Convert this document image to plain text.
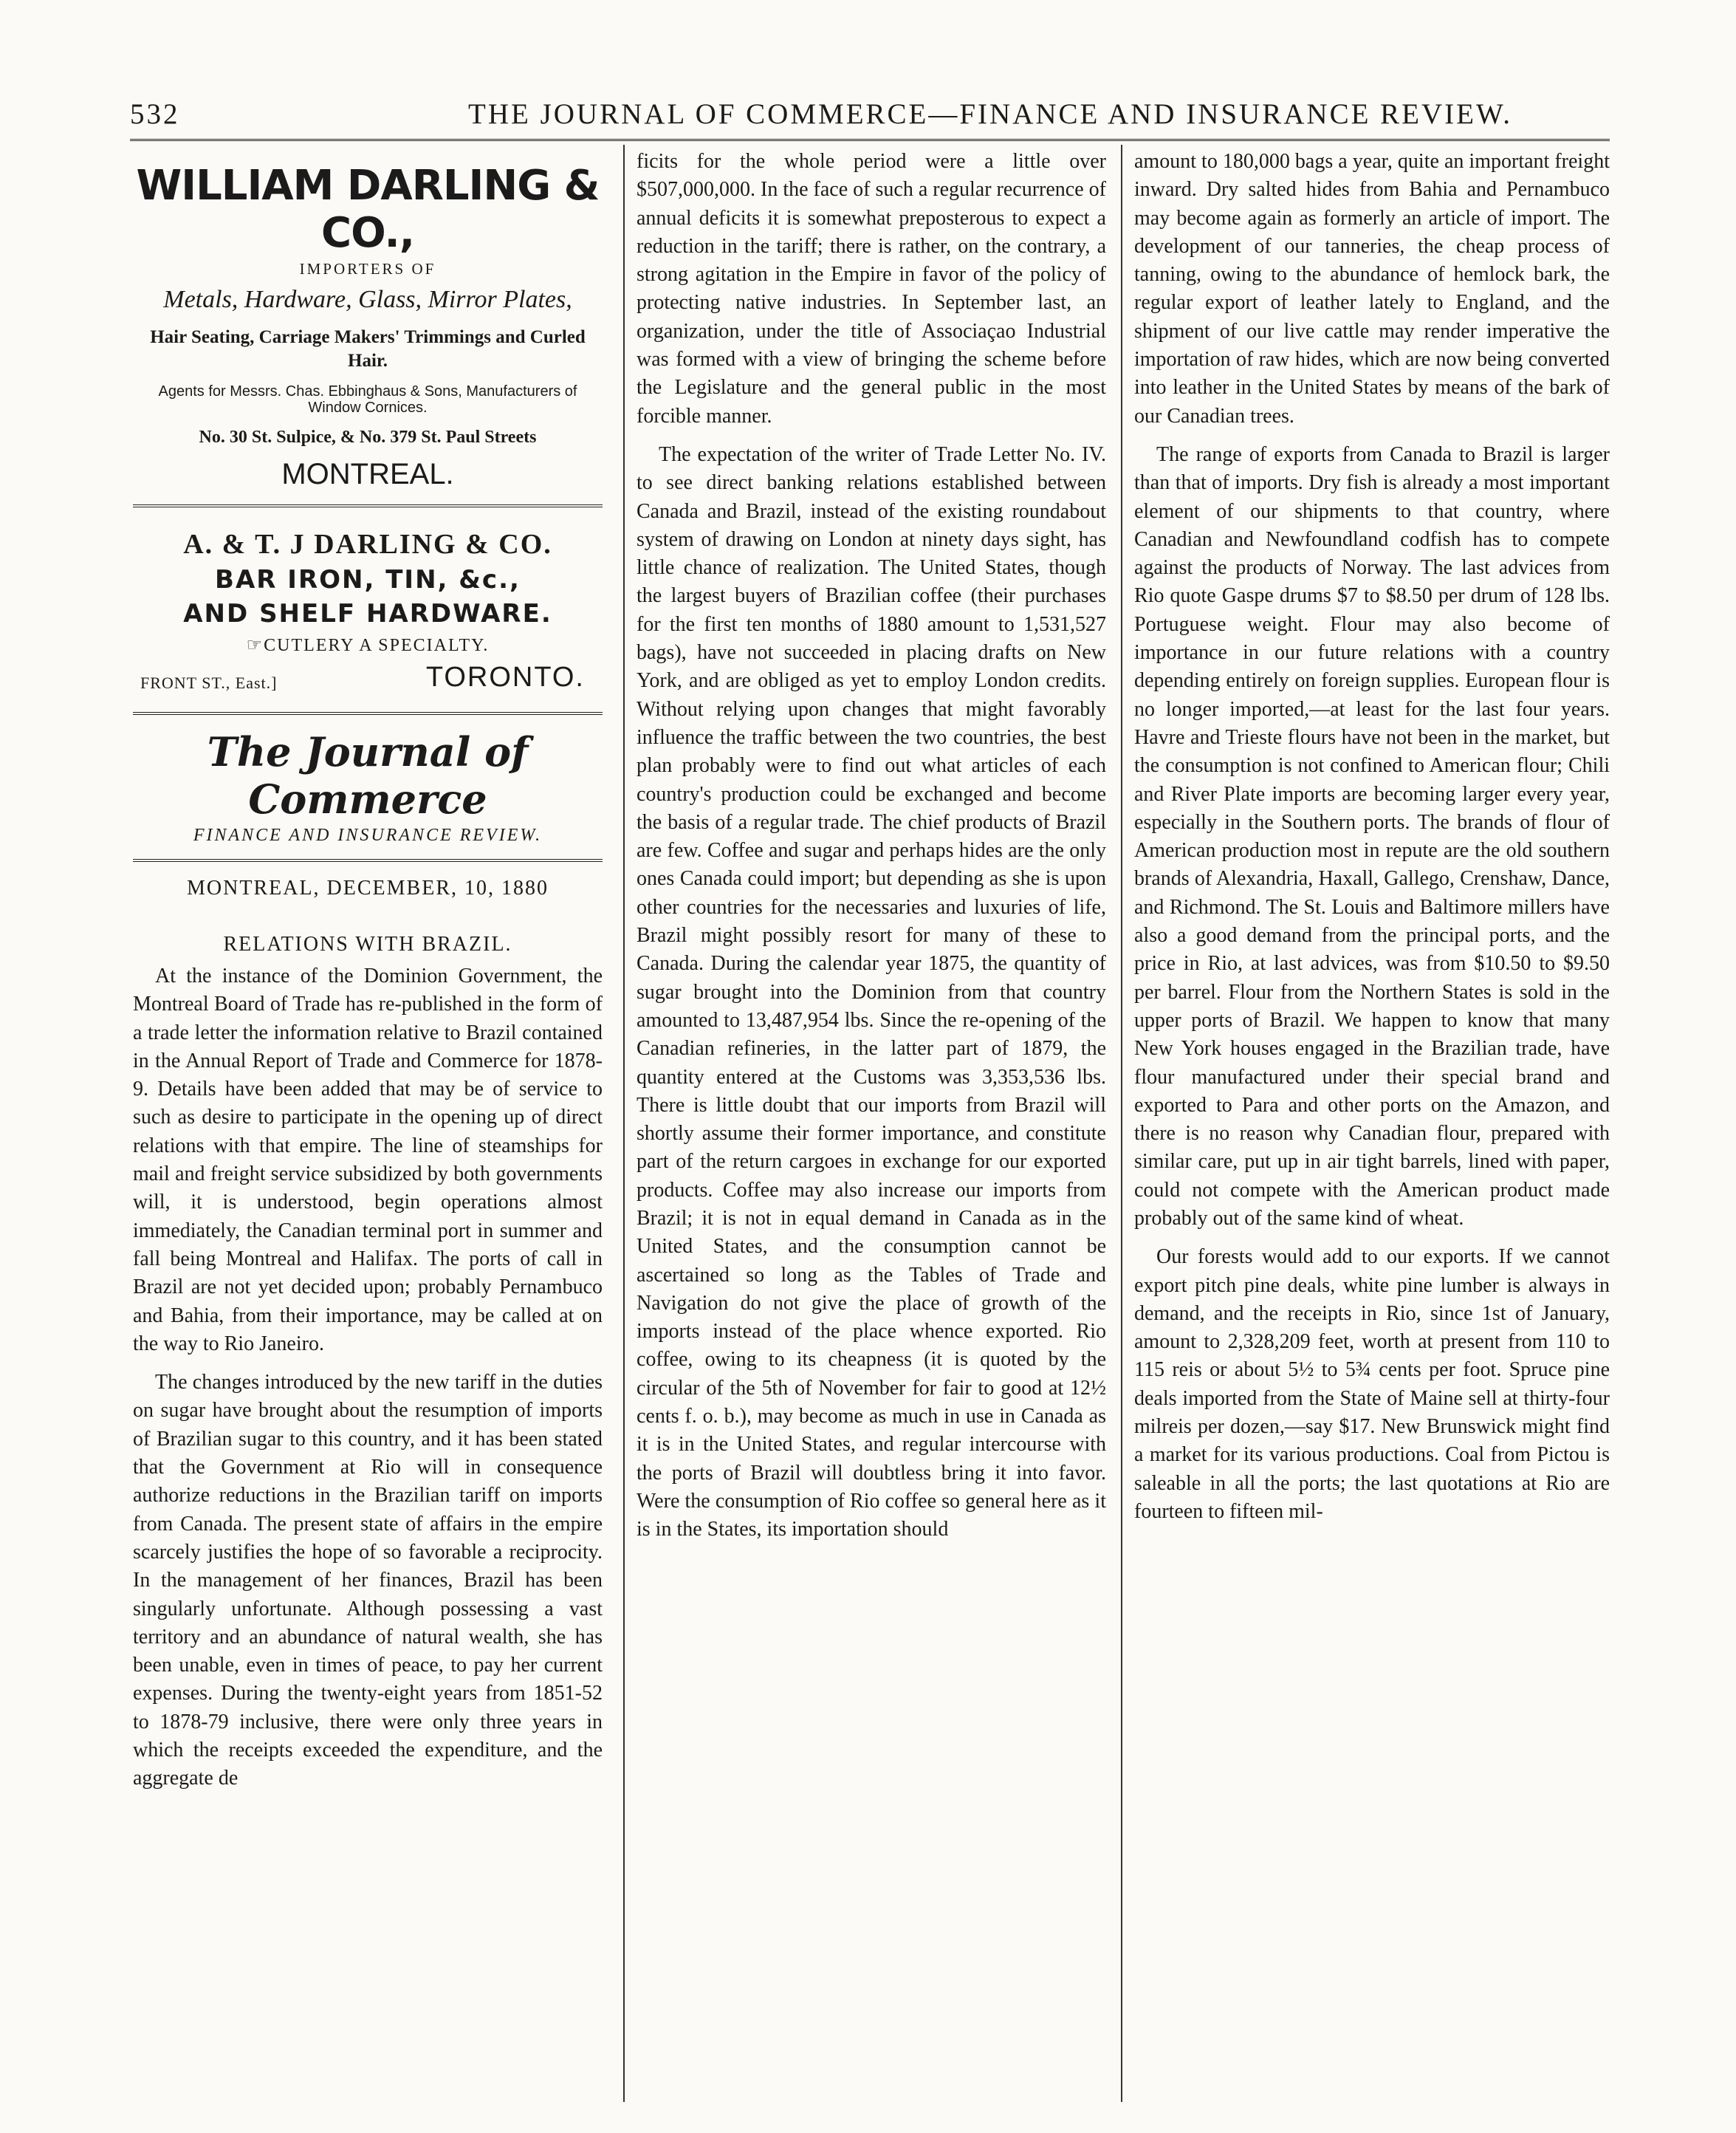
532	THE JOURNAL OF COMMERCE—FINANCE AND INSURANCE REVIEW.
WILLIAM DARLING & CO.,
IMPORTERS OF
Metals, Hardware, Glass, Mirror Plates,
Hair Seating, Carriage Makers' Trimmings and Curled Hair.
Agents for Messrs. Chas. Ebbinghaus & Sons, Manufacturers of Window Cornices.
No. 30 St. Sulpice, & No. 379 St. Paul Streets
MONTREAL.
A. & T. J DARLING & CO.
BAR IRON, TIN, &c.,
AND SHELF HARDWARE.
☞CUTLERY A SPECIALTY.
FRONT ST., East.]	TORONTO.
The Journal of Commerce
FINANCE AND INSURANCE REVIEW.
MONTREAL, DECEMBER, 10, 1880
RELATIONS WITH BRAZIL.

At the instance of the Dominion Government, the Montreal Board of Trade has re-published in the form of a trade letter the information relative to Brazil contained in the Annual Report of Trade and Commerce for 1878-9. Details have been added that may be of service to such as desire to participate in the opening up of direct relations with that empire. The line of steamships for mail and freight service subsidized by both governments will, it is understood, begin operations almost immediately, the Canadian terminal port in summer and fall being Montreal and Halifax. The ports of call in Brazil are not yet decided upon; probably Pernambuco and Bahia, from their importance, may be called at on the way to Rio Janeiro.

The changes introduced by the new tariff in the duties on sugar have brought about the resumption of imports of Brazilian sugar to this country, and it has been stated that the Government at Rio will in consequence authorize reductions in the Brazilian tariff on imports from Canada. The present state of affairs in the empire scarcely justifies the hope of so favorable a reciprocity. In the management of her finances, Brazil has been singularly unfortunate. Although possessing a vast territory and an abundance of natural wealth, she has been unable, even in times of peace, to pay her current expenses. During the twenty-eight years from 1851-52 to 1878-79 inclusive, there were only three years in which the receipts exceeded the expenditure, and the aggregate de

ficits for the whole period were a little over $507,000,000. In the face of such a regular recurrence of annual deficits it is somewhat preposterous to expect a reduction in the tariff; there is rather, on the contrary, a strong agitation in the Empire in favor of the policy of protecting native industries. In September last, an organization, under the title of Associaçao Industrial was formed with a view of bringing the scheme before the Legislature and the general public in the most forcible manner.

The expectation of the writer of Trade Letter No. IV. to see direct banking relations established between Canada and Brazil, instead of the existing roundabout system of drawing on London at ninety days sight, has little chance of realization. The United States, though the largest buyers of Brazilian coffee (their purchases for the first ten months of 1880 amount to 1,531,527 bags), have not succeeded in placing drafts on New York, and are obliged as yet to employ London credits. Without relying upon changes that might favorably influence the traffic between the two countries, the best plan probably were to find out what articles of each country's production could be exchanged and become the basis of a regular trade. The chief products of Brazil are few. Coffee and sugar and perhaps hides are the only ones Canada could import; but depending as she is upon other countries for the necessaries and luxuries of life, Brazil might possibly resort for many of these to Canada. During the calendar year 1875, the quantity of sugar brought into the Dominion from that country amounted to 13,487,954 lbs. Since the re-opening of the Canadian refineries, in the latter part of 1879, the quantity entered at the Customs was 3,353,536 lbs. There is little doubt that our imports from Brazil will shortly assume their former importance, and constitute part of the return cargoes in exchange for our exported products. Coffee may also increase our imports from Brazil; it is not in equal demand in Canada as in the United States, and the consumption cannot be ascertained so long as the Tables of Trade and Navigation do not give the place of growth of the imports instead of the place whence exported. Rio coffee, owing to its cheapness (it is quoted by the circular of the 5th of November for fair to good at 12½ cents f. o. b.), may become as much in use in Canada as it is in the United States, and regular intercourse with the ports of Brazil will doubtless bring it into favor. Were the consumption of Rio coffee so general here as it is in the States, its importation should

amount to 180,000 bags a year, quite an important freight inward. Dry salted hides from Bahia and Pernambuco may become again as formerly an article of import. The development of our tanneries, the cheap process of tanning, owing to the abundance of hemlock bark, the regular export of leather lately to England, and the shipment of our live cattle may render imperative the importation of raw hides, which are now being converted into leather in the United States by means of the bark of our Canadian trees.

The range of exports from Canada to Brazil is larger than that of imports. Dry fish is already a most important element of our shipments to that country, where Canadian and Newfoundland codfish has to compete against the products of Norway. The last advices from Rio quote Gaspe drums $7 to $8.50 per drum of 128 lbs. Portuguese weight. Flour may also become of importance in our future relations with a country depending entirely on foreign supplies. European flour is no longer imported,—at least for the last four years. Havre and Trieste flours have not been in the market, but the consumption is not confined to American flour; Chili and River Plate imports are becoming larger every year, especially in the Southern ports. The brands of flour of American production most in repute are the old southern brands of Alexandria, Haxall, Gallego, Crenshaw, Dance, and Richmond. The St. Louis and Baltimore millers have also a good demand from the principal ports, and the price in Rio, at last advices, was from $10.50 to $9.50 per barrel. Flour from the Northern States is sold in the upper ports of Brazil. We happen to know that many New York houses engaged in the Brazilian trade, have flour manufactured under their special brand and exported to Para and other ports on the Amazon, and there is no reason why Canadian flour, prepared with similar care, put up in air tight barrels, lined with paper, could not compete with the American product made probably out of the same kind of wheat.

Our forests would add to our exports. If we cannot export pitch pine deals, white pine lumber is always in demand, and the receipts in Rio, since 1st of January, amount to 2,328,209 feet, worth at present from 110 to 115 reis or about 5½ to 5¾ cents per foot. Spruce pine deals imported from the State of Maine sell at thirty-four milreis per dozen,—say $17. New Brunswick might find a market for its various productions. Coal from Pictou is saleable in all the ports; the last quotations at Rio are fourteen to fifteen mil-
